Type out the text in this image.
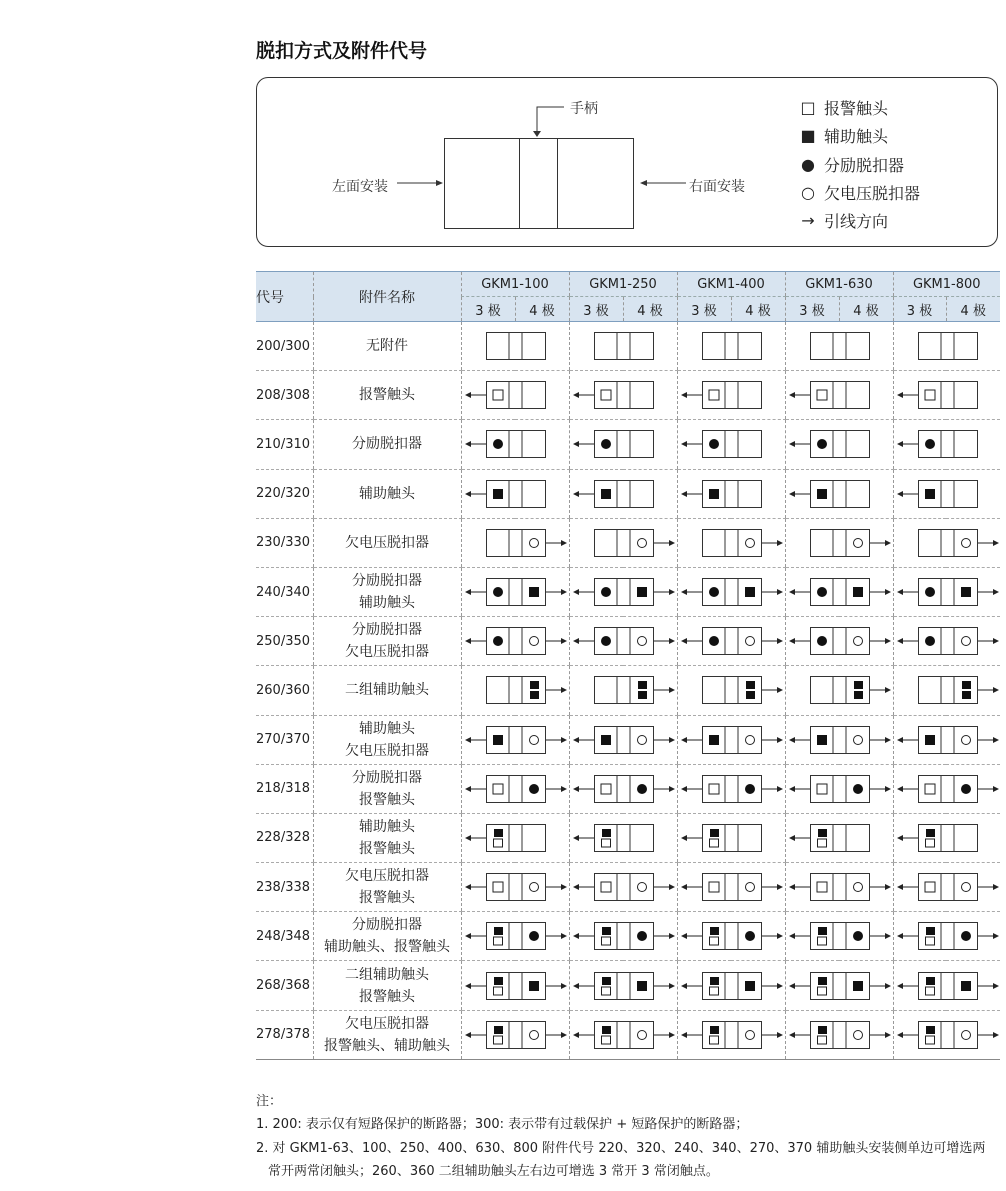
脱扣方式及附件代号
手柄
左面安装	右面安装
□ 报警触头
■ 辅助触头
● 分励脱扣器
○ 欠电压脱扣器
→ 引线方向
代号	附件名称	GKM1-100		GKM1-250		GKM1-400		GKM1-630		GKM1-800	
		3 极	4 极	3 极	4 极	3 极	4 极	3 极	4 极	3 极	4 极
200/300	无附件

208/308	报警触头

210/310	分励脱扣器

220/320	辅助触头

230/330	欠电压脱扣器

240/340	分励脱扣器
辅助触头

250/350	分励脱扣器
欠电压脱扣器

260/360	二组辅助触头

270/370	辅助触头
欠电压脱扣器

218/318	分励脱扣器
报警触头

228/328	辅助触头
报警触头

238/338	欠电压脱扣器
报警触头

248/348	分励脱扣器
辅助触头、报警触头

268/368	二组辅助触头
报警触头

278/378	欠电压脱扣器
报警触头、辅助触头

注：
1. 200: 表示仅有短路保护的断路器；300: 表示带有过载保护 + 短路保护的断路器；
2. 对 GKM1-63、100、250、400、630、800 附件代号 220、320、240、340、270、370 辅助触头安装侧单边可增选两
常开两常闭触头；260、360 二组辅助触头左右边可增选 3 常开 3 常闭触点。
